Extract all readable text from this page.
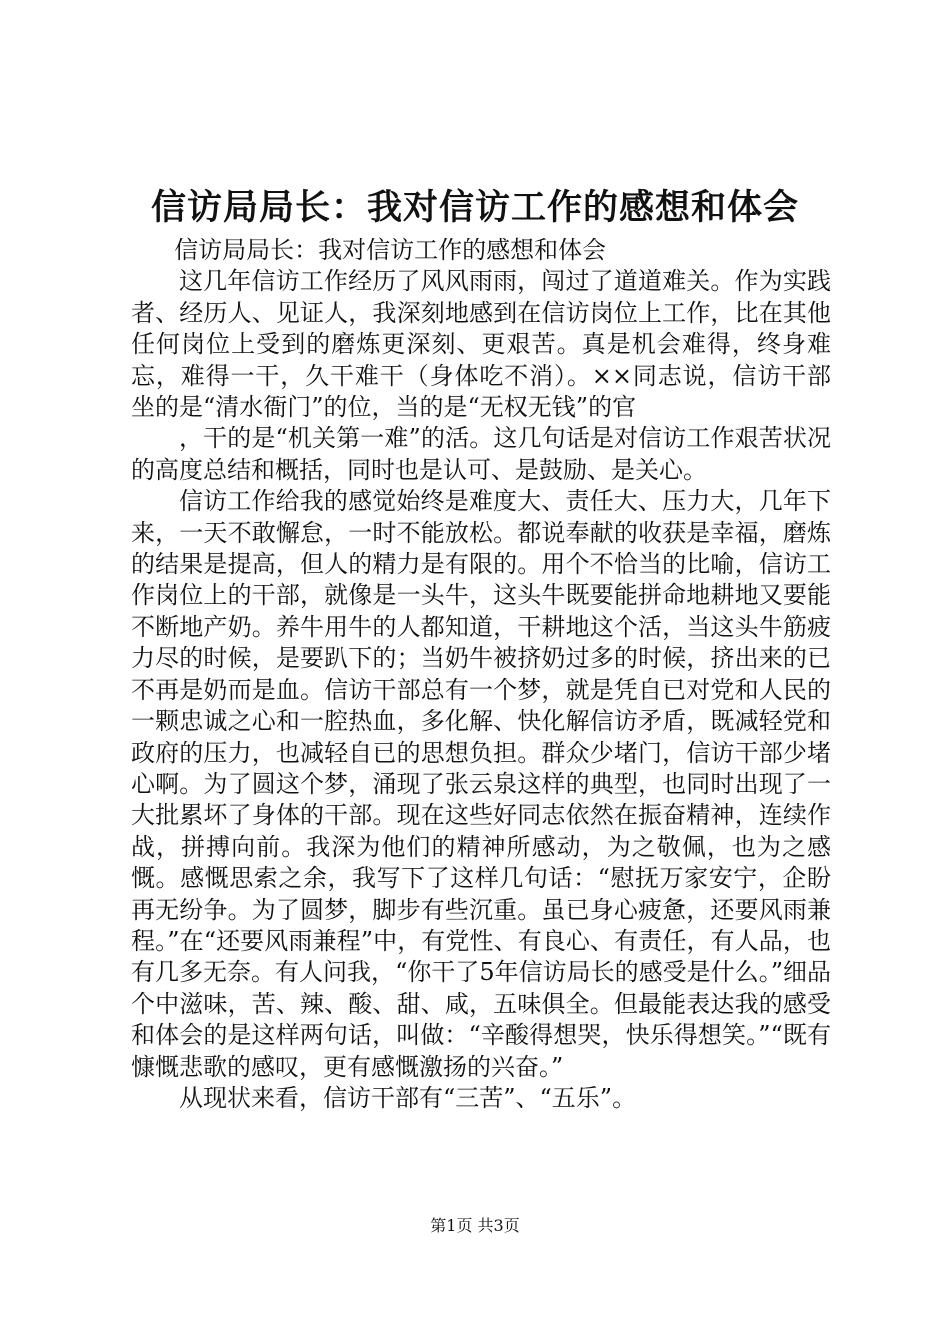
信访局局长：我对信访工作的感想和体会

信访局局长：我对信访工作的感想和体会

这几年信访工作经历了风风雨雨，闯过了道道难关。作为实践者、经历人、见证人，我深刻地感到在信访岗位上工作，比在其他任何岗位上受到的磨炼更深刻、更艰苦。真是机会难得，终身难忘，难得一干，久干难干（身体吃不消）。××同志说，信访干部坐的是“清水衙门”的位，当的是“无权无钱”的官

，干的是“机关第一难”的活。这几句话是对信访工作艰苦状况的高度总结和概括，同时也是认可、是鼓励、是关心。

信访工作给我的感觉始终是难度大、责任大、压力大，几年下来，一天不敢懈怠，一时不能放松。都说奉献的收获是幸福，磨炼的结果是提高，但人的精力是有限的。用个不恰当的比喻，信访工作岗位上的干部，就像是一头牛，这头牛既要能拼命地耕地又要能不断地产奶。养牛用牛的人都知道，干耕地这个活，当这头牛筋疲力尽的时候，是要趴下的；当奶牛被挤奶过多的时候，挤出来的已不再是奶而是血。信访干部总有一个梦，就是凭自已对党和人民的一颗忠诚之心和一腔热血，多化解、快化解信访矛盾，既减轻党和政府的压力，也减轻自已的思想负担。群众少堵门，信访干部少堵心啊。为了圆这个梦，涌现了张云泉这样的典型，也同时出现了一大批累坏了身体的干部。现在这些好同志依然在振奋精神，连续作战，拼搏向前。我深为他们的精神所感动，为之敬佩，也为之感慨。感慨思索之余，我写下了这样几句话：“慰抚万家安宁，企盼再无纷争。为了圆梦，脚步有些沉重。虽已身心疲惫，还要风雨兼程。”在“还要风雨兼程”中，有党性、有良心、有责任，有人品，也有几多无奈。有人问我，“你干了5年信访局长的感受是什么。”细品个中滋味，苦、辣、酸、甜、咸，五味俱全。但最能表达我的感受和体会的是这样两句话，叫做：“辛酸得想哭，快乐得想笑。”“既有慷慨悲歌的感叹，更有感慨激扬的兴奋。”

从现状来看，信访干部有“三苦”、“五乐”。

第1页 共3页
